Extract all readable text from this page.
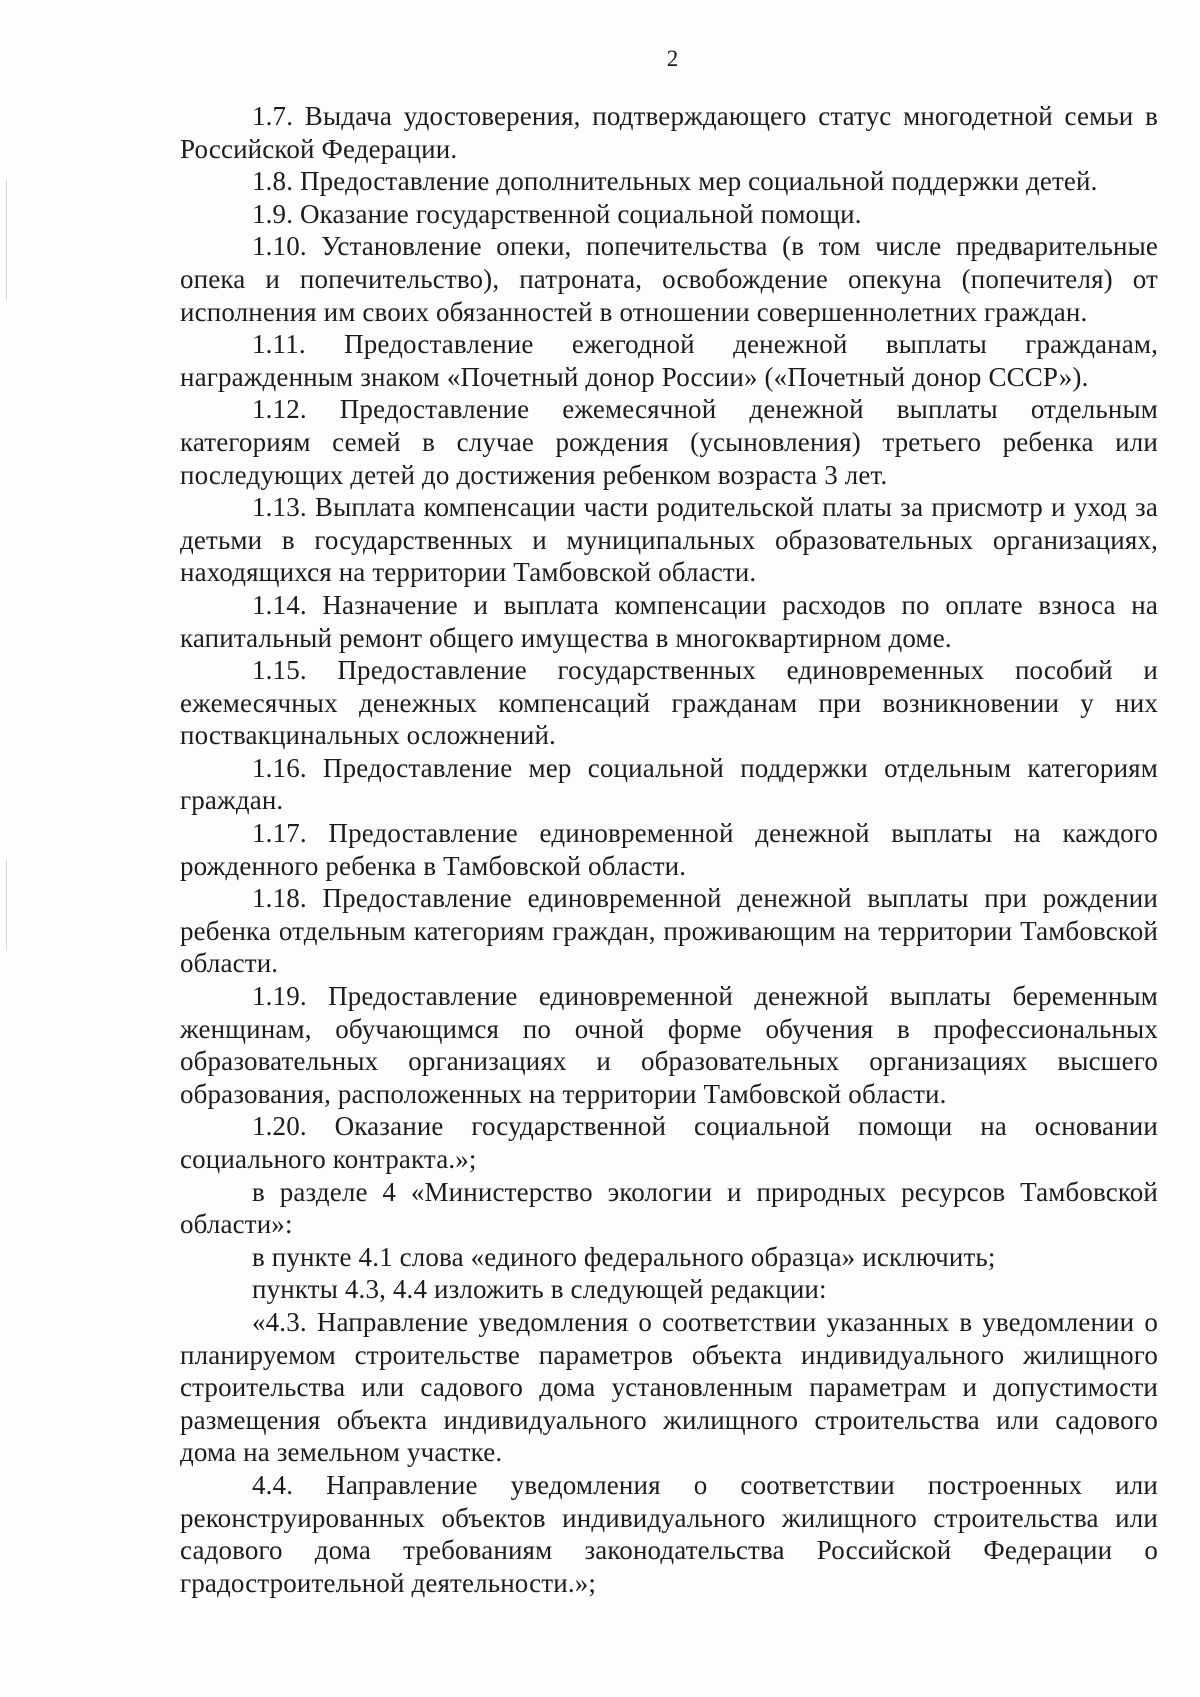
2

1.7. Выдача удостоверения, подтверждающего статус многодетной семьи в Российской Федерации.

1.8. Предоставление дополнительных мер социальной поддержки детей.

1.9. Оказание государственной социальной помощи.

1.10. Установление опеки, попечительства (в том числе предварительные опека и попечительство), патроната, освобождение опекуна (попечителя) от исполнения им своих обязанностей в отношении совершеннолетних граждан.

1.11. Предоставление ежегодной денежной выплаты гражданам, награжденным знаком «Почетный донор России» («Почетный донор СССР»).

1.12. Предоставление ежемесячной денежной выплаты отдельным категориям семей в случае рождения (усыновления) третьего ребенка или последующих детей до достижения ребенком возраста 3 лет.

1.13. Выплата компенсации части родительской платы за присмотр и уход за детьми в государственных и муниципальных образовательных организациях, находящихся на территории Тамбовской области.

1.14. Назначение и выплата компенсации расходов по оплате взноса на капитальный ремонт общего имущества в многоквартирном доме.

1.15. Предоставление государственных единовременных пособий и ежемесячных денежных компенсаций гражданам при возникновении у них поствакцинальных осложнений.

1.16. Предоставление мер социальной поддержки отдельным категориям граждан.

1.17. Предоставление единовременной денежной выплаты на каждого рожденного ребенка в Тамбовской области.

1.18. Предоставление единовременной денежной выплаты при рождении ребенка отдельным категориям граждан, проживающим на территории Тамбовской области.

1.19. Предоставление единовременной денежной выплаты беременным женщинам, обучающимся по очной форме обучения в профессиональных образовательных организациях и образовательных организациях высшего образования, расположенных на территории Тамбовской области.

1.20. Оказание государственной социальной помощи на основании социального контракта.»;

в разделе 4 «Министерство экологии и природных ресурсов Тамбовской области»:

в пункте 4.1 слова «единого федерального образца» исключить;

пункты 4.3, 4.4 изложить в следующей редакции:

«4.3. Направление уведомления о соответствии указанных в уведомлении о планируемом строительстве параметров объекта индивидуального жилищного строительства или садового дома установленным параметрам и допустимости размещения объекта индивидуального жилищного строительства или садового дома на земельном участке.

4.4. Направление уведомления о соответствии построенных или реконструированных объектов индивидуального жилищного строительства или садового дома требованиям законодательства Российской Федерации о градостроительной деятельности.»;
